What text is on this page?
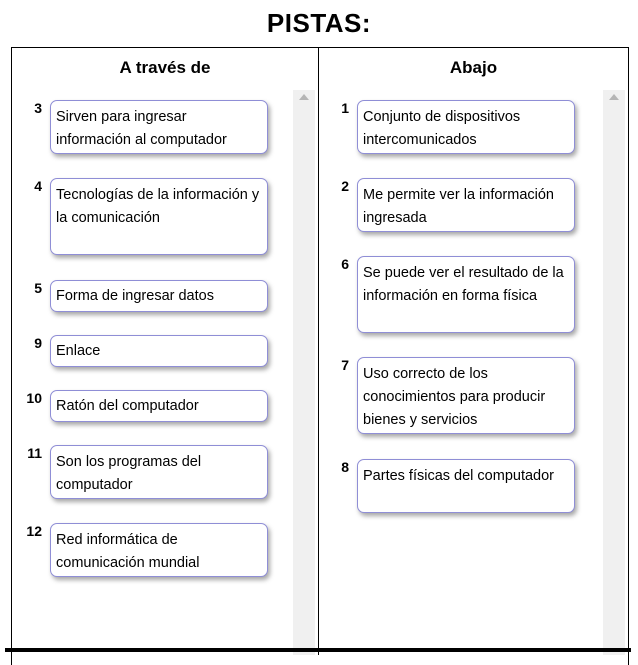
PISTAS:
A través de
3
Sirven para ingresar información al computador
4
Tecnologías de la información y la comunicación
5 Forma de ingresar datos
9 Enlace
10 Ratón del computador
11
Son los programas del computador
12
Red informática de comunicación mundial
Abajo
1
Conjunto de dispositivos intercomunicados
2
Me permite ver la información ingresada
6
Se puede ver el resultado de la información en forma física
7
Uso correcto de los conocimientos para producir bienes y servicios
8
Partes físicas del computador
